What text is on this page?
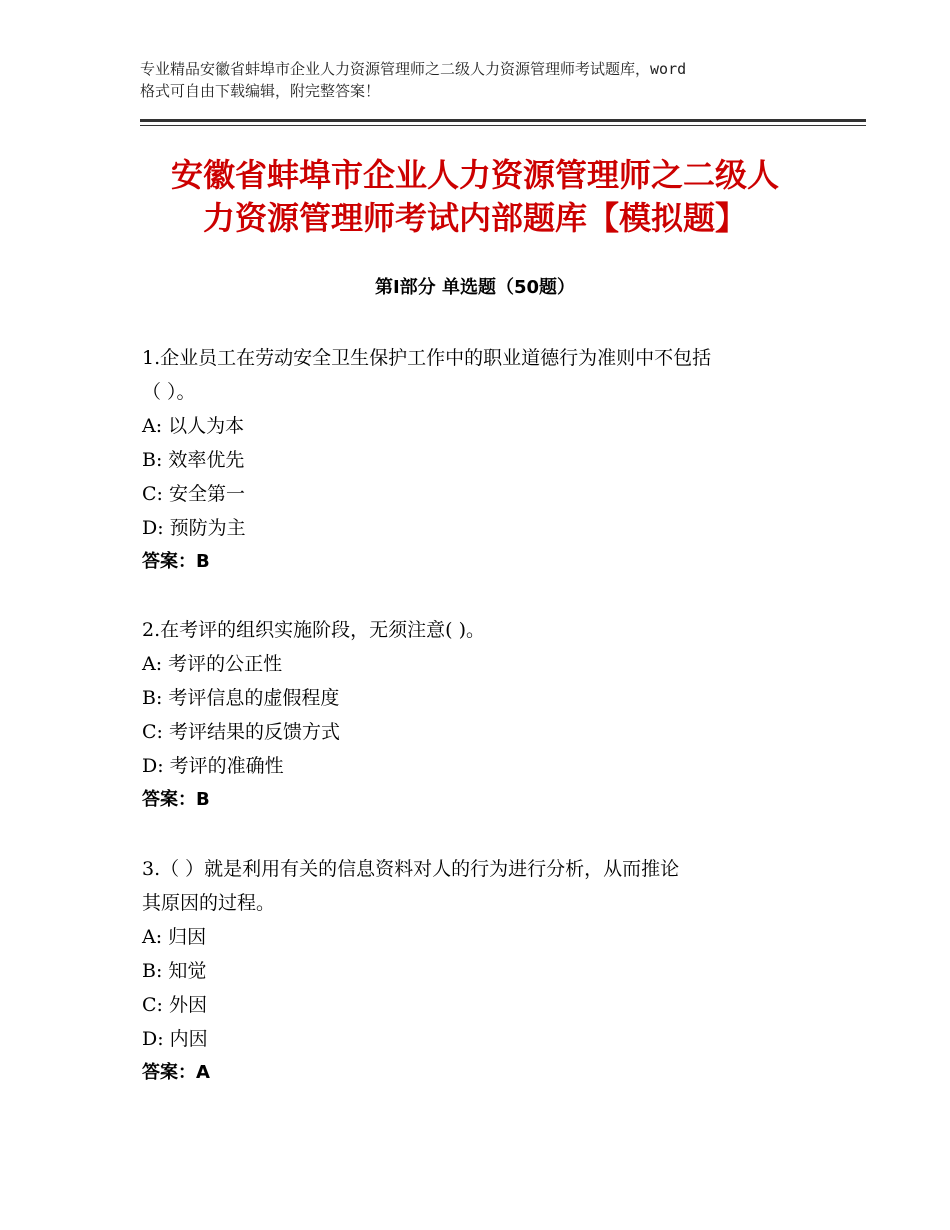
专业精品安徽省蚌埠市企业人力资源管理师之二级人力资源管理师考试题库，word
格式可自由下载编辑，附完整答案！
安徽省蚌埠市企业人力资源管理师之二级人
力资源管理师考试内部题库【模拟题】
第Ⅰ部分 单选题（50题）
1.企业员工在劳动安全卫生保护工作中的职业道德行为准则中不包括
（ ）。
A: 以人为本
B: 效率优先
C: 安全第一
D: 预防为主
答案：B
2.在考评的组织实施阶段，无须注意( )。
A: 考评的公正性
B: 考评信息的虚假程度
C: 考评结果的反馈方式
D: 考评的准确性
答案：B
3.（ ）就是利用有关的信息资料对人的行为进行分析，从而推论
其原因的过程。
A: 归因
B: 知觉
C: 外因
D: 内因
答案：A
